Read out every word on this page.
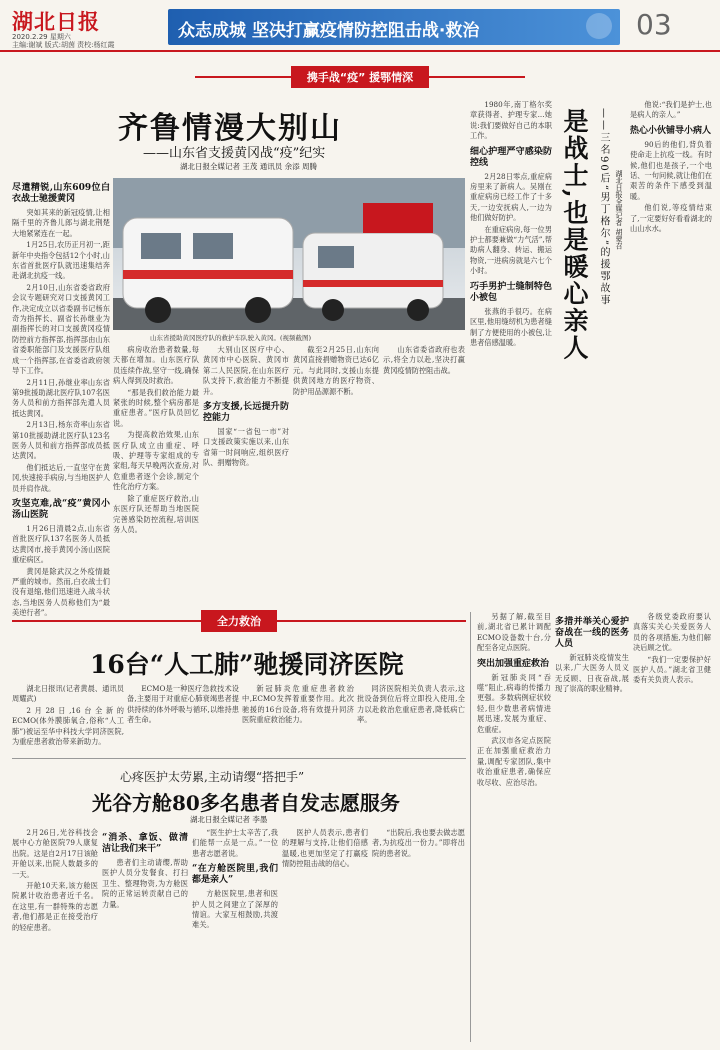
湖北日报
2020.2.29 星期六
主编:谢斌 版式:胡茵 责校:杨红霞
众志成城 坚决打赢疫情防控阻击战·救治	03
携手战“疫” 援鄂情深
齐鲁情漫大别山
——山东省支援黄冈战“疫”纪实
湖北日报全媒记者 王茂 通讯员 余添 周腾
尽遣精锐,山东609位白衣战士驰援黄冈

突如其来的新冠疫情,让相隔千里的齐鲁儿郎与湖北荆楚大地紧紧连在一起。

1月25日,农历正月初一,距新年中央指令包括12个小时,山东省首批医疗队就迅速集结奔赴湖北抗疫一线。

2月10日,山东省委省政府会议专题研究对口支援黄冈工作,决定成立以省委副书记杨东奇为指挥长、副省长孙继业为副指挥长的对口支援黄冈疫情防控前方指挥部,指挥部由山东省委职能部门及支援医疗队组成一个指挥部,在省委省政府领导下工作。

2月11日,孙继业率山东省第9批援助湖北医疗队107名医务人员和前方指挥部先遣人员抵达黄冈。

2月13日,杨东奇率山东省第10批援助湖北医疗队123名医务人员和前方指挥部成员抵达黄冈。

他们抵达后,一直坚守在黄冈,快速接手病房,与当地医护人员并肩作战。

攻坚克难,战“疫”黄冈小汤山医院

1月26日清晨2点,山东省首批医疗队137名医务人员抵达黄冈市,接手黄冈小汤山医院重症病区。

黄冈是除武汉之外疫情最严重的城市。然而,白衣战士们没有退缩,他们迅速进入战斗状态,当地医务人员称他们为“最美逆行者”。

山东省援助黄冈医疗队的救护车队驶入黄冈。(视频截图)

病房收治患者数量,每天都在增加。山东医疗队员连续作战,坚守一线,确保病人得到及时救治。

“那是我们救治能力最紧张的时候,整个病房都是重症患者。”医疗队员回忆说。

为提高救治效果,山东医疗队成立由重症、呼吸、护理等专家组成的专家组,每天早晚两次查房,对危重患者逐个会诊,制定个性化治疗方案。

除了重症医疗救治,山东医疗队还帮助当地医院完善感染防控流程,培训医务人员。

大别山区医疗中心、黄冈市中心医院、黄冈市第二人民医院,在山东医疗队支持下,救治能力不断提升。

多方支援,长远提升防控能力

国家“一省包一市”对口支援政策实施以来,山东省第一时间响应,组织医疗队、捐赠物资。

截至2月25日,山东向黄冈直接捐赠物资已达6亿元。与此同时,支援山东提供黄冈地方的医疗物资、防护用品源源不断。

山东省委省政府也表示,将全力以赴,坚决打赢黄冈疫情防控阻击战。

1980年,南丁格尔奖章获得者、护理专家...她说:我们要做好自己的本职工作。

细心护理严守感染防控线

2月28日零点,重症病房里来了新病人。吴刚在重症病房已经工作了十多天,一边安抚病人,一边为他们做好防护。

在重症病房,每一位男护士都要兼做“力气活”,帮助病人翻身、转运、搬运物资,一进病房就是六七个小时。

巧手男护士缝制特色小被包

张燕的手很巧。在病区里,他用缝纫机为患者缝制了方便使用的小被包,让患者倍感温暖。	是战士,也是暖心亲人 ——三名90后“男丁格尔”的援鄂故事 湖北日报全媒记者 胡蒙召

他说:“我们是护士,也是病人的亲人。”

热心小伙铺导小病人

90后的他们,背负着使命走上抗疫一线。有时候,他们也是孩子,一个电话、一句问候,就让他们在艰苦的条件下感受到温暖。

他们说,等疫情结束了,一定要好好看看湖北的山山水水。

全力救治
16台“人工肺”驰援同济医院

湖北日报讯(记者黄晨、通讯员周耀武)

2月28日,16台全新的ECMO(体外膜肺氧合,俗称“人工肺”)被运至华中科技大学同济医院,为重症患者救治带来新助力。

ECMO是一种医疗急救技术设备,主要用于对重症心肺衰竭患者提供持续的体外呼吸与循环,以维持患者生命。

新冠肺炎危重症患者救治中,ECMO发挥着重要作用。此次驰援的16台设备,将有效提升同济医院重症救治能力。

同济医院相关负责人表示,这批设备到位后将立即投入使用,全力以赴救治危重症患者,降低病亡率。

另据了解,截至目前,湖北省已累计调配ECMO设备数十台,分配至各定点医院。

突出加强重症救治

新冠肺炎同“吞噬”阻止,病毒的传播力更强。多数病例症状较轻,但少数患者病情进展迅速,发展为重症、危重症。

武汉市各定点医院正在加强重症救治力量,调配专家团队,集中收治重症患者,确保应收尽收、应治尽治。

多措并举关心爱护奋战在一线的医务人员

新冠肺炎疫情发生以来,广大医务人员义无反顾、日夜奋战,展现了崇高的职业精神。

各级党委政府要认真落实关心关爱医务人员的各项措施,为他们解决后顾之忧。

“我们一定要保护好医护人员。”湖北省卫健委有关负责人表示。

心疼医护太劳累,主动请缨“搭把手”
光谷方舱80多名患者自发志愿服务
湖北日报全媒记者 李墨

2月26日,光谷科技会展中心方舱医院79人康复出院。这是自2月17日该舱开舱以来,出院人数最多的一天。

开舱10天来,该方舱医院累计收治患者近千名。在这里,有一群特殊的志愿者,他们都是正在接受治疗的轻症患者。

“消杀、拿饭、做清洁让我们来干”

患者们主动请缨,帮助医护人员分发餐食、打扫卫生、整理物资,为方舱医院的正常运转贡献自己的力量。

“医生护士太辛苦了,我们能帮一点是一点。”一位患者志愿者说。

“在方舱医院里,我们都是亲人”

方舱医院里,患者和医护人员之间建立了深厚的情谊。大家互相鼓励,共渡难关。

医护人员表示,患者们的理解与支持,让他们倍感温暖,也更加坚定了打赢疫情防控阻击战的信心。

“出院后,我也要去做志愿者,为抗疫出一份力。”即将出院的患者说。
